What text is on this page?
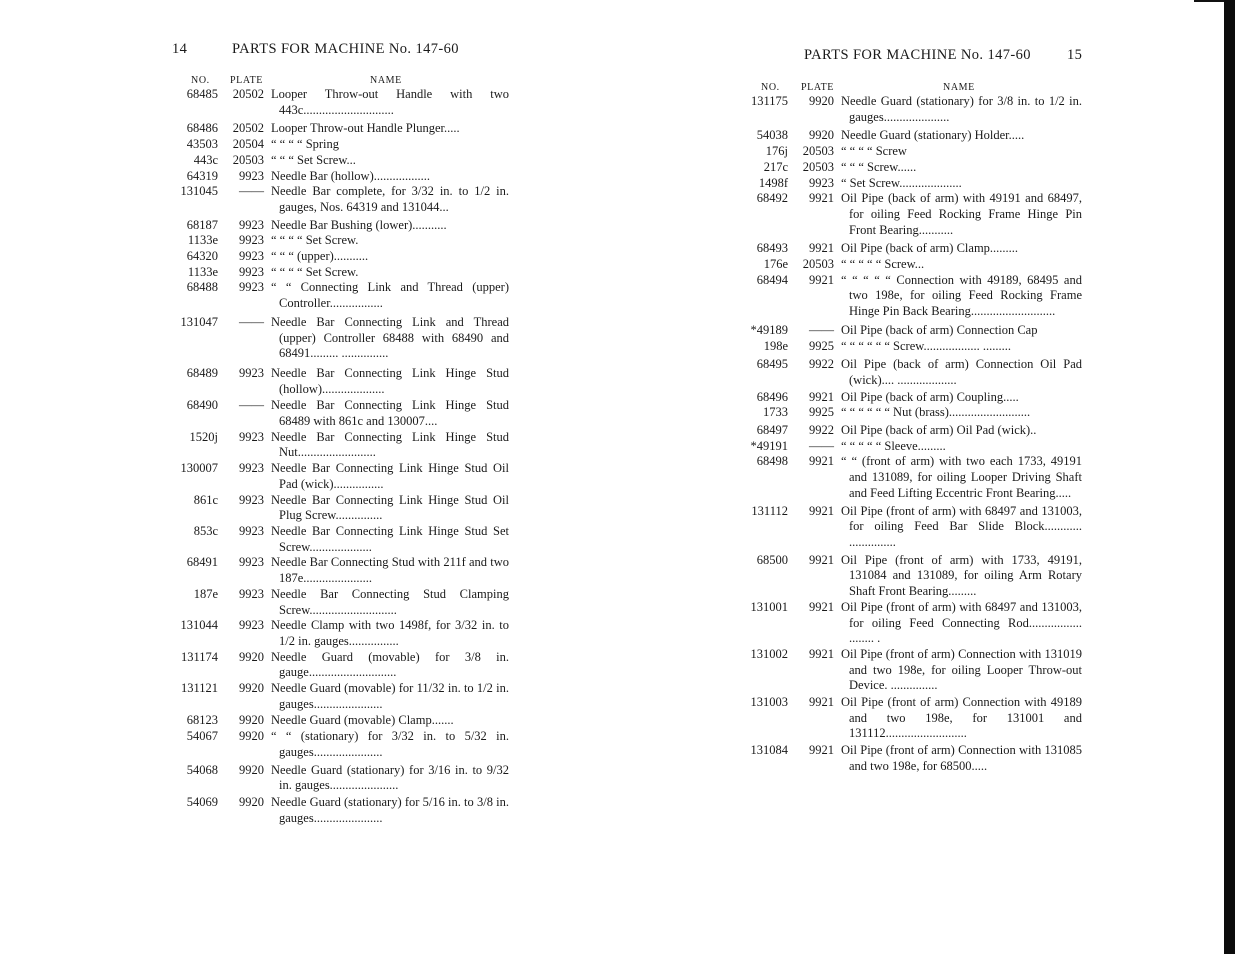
14	PARTS FOR MACHINE No. 147-60
NO. PLATE	NAME
68485	20502 Looper Throw-out Handle with two 443c.............................
68486	20502 Looper Throw-out Handle Plunger.....
43503	20504 “ “ “ “ Spring
443c	20503 “ “ “ Set Screw...
64319	9923 Needle Bar (hollow)..................
131045	—— Needle Bar complete, for 3/32 in. to 1/2 in. gauges, Nos. 64319 and 131044...
68187	9923 Needle Bar Bushing (lower)...........
1133e	9923 “ “ “ “ Set Screw.
64320	9923 “ “ “ (upper)...........
1133e	9923 “ “ “ “ Set Screw.
68488	9923 “ “ Connecting Link and Thread (upper) Controller.................
131047	—— Needle Bar Connecting Link and Thread (upper) Controller 68488 with 68490 and 68491......... ...............
68489	9923 Needle Bar Connecting Link Hinge Stud (hollow)....................
68490	—— Needle Bar Connecting Link Hinge Stud 68489 with 861c and 130007....
1520j	9923 Needle Bar Connecting Link Hinge Stud Nut.........................
130007	9923 Needle Bar Connecting Link Hinge Stud Oil Pad (wick)................
861c	9923 Needle Bar Connecting Link Hinge Stud Oil Plug Screw...............
853c	9923 Needle Bar Connecting Link Hinge Stud Set Screw....................
68491	9923 Needle Bar Connecting Stud with 211f and two 187e......................
187e	9923 Needle Bar Connecting Stud Clamping Screw............................
131044	9923 Needle Clamp with two 1498f, for 3/32 in. to 1/2 in. gauges................
131174	9920 Needle Guard (movable) for 3/8 in. gauge............................
131121	9920 Needle Guard (movable) for 11/32 in. to 1/2 in. gauges......................
68123	9920 Needle Guard (movable) Clamp.......
54067	9920 “ “ (stationary) for 3/32 in. to 5/32 in. gauges......................
54068	9920 Needle Guard (stationary) for 3/16 in. to 9/32 in. gauges......................
54069	9920 Needle Guard (stationary) for 5/16 in. to 3/8 in. gauges......................
PARTS FOR MACHINE No. 147-60 15
NO. PLATE	NAME
131175	9920 Needle Guard (stationary) for 3/8 in. to 1/2 in. gauges.....................
54038	9920 Needle Guard (stationary) Holder.....
176j	20503 “ “ “ “ Screw
217c	20503 “ “ “ Screw......
1498f	9923 “ Set Screw....................
68492	9921 Oil Pipe (back of arm) with 49191 and 68497, for oiling Feed Rocking Frame Hinge Pin Front Bearing...........
68493	9921 Oil Pipe (back of arm) Clamp.........
176e	20503 “ “ “ “ “ Screw...
68494	9921 “ “ “ “ “ Connection with 49189, 68495 and two 198e, for oiling Feed Rocking Frame Hinge Pin Back Bearing...........................
*49189	—— Oil Pipe (back of arm) Connection Cap
198e	9925 “ “ “ “ “ “ Screw.................. .........
68495	9922 Oil Pipe (back of arm) Connection Oil Pad (wick).... ...................
68496	9921 Oil Pipe (back of arm) Coupling.....
1733	9925 “ “ “ “ “ “ Nut (brass)..........................
68497	9922 Oil Pipe (back of arm) Oil Pad (wick)..
*49191	—— “ “ “ “ “ Sleeve.........
68498	9921 “ “ (front of arm) with two each 1733, 49191 and 131089, for oiling Looper Driving Shaft and Feed Lifting Eccentric Front Bearing.....
131112	9921 Oil Pipe (front of arm) with 68497 and 131003, for oiling Feed Bar Slide Block............ ...............
68500	9921 Oil Pipe (front of arm) with 1733, 49191, 131084 and 131089, for oiling Arm Rotary Shaft Front Bearing.........
131001	9921 Oil Pipe (front of arm) with 68497 and 131003, for oiling Feed Connecting Rod................. ........ .
131002	9921 Oil Pipe (front of arm) Connection with 131019 and two 198e, for oiling Looper Throw-out Device. ...............
131003	9921 Oil Pipe (front of arm) Connection with 49189 and two 198e, for 131001 and 131112..........................
131084	9921 Oil Pipe (front of arm) Connection with 131085 and two 198e, for 68500.....
